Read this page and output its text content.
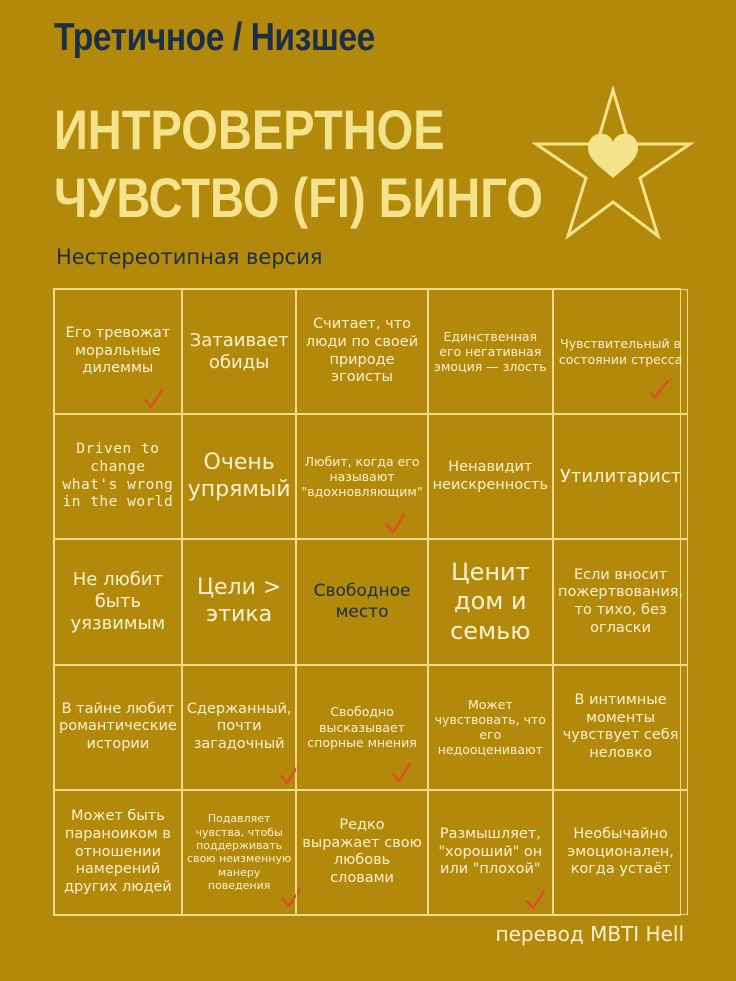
Третичное / Низшее
ИНТРОВЕРТНОЕ
ЧУВСТВО (FI) БИНГО
Нестереотипная версия
Его тревожат моральные дилеммы
Затаивает обиды
Считает, что люди по своей природе эгоисты
Единственная его негативная эмоция — злость
Чувствительный в состоянии стресса
Driven to change what's wrong in the world
Очень упрямый
Любит, когда его называют "вдохновляющим"
Ненавидит неискренность Утилитарист
Не любит быть уязвимым
Цели > этика
Свободное место
Ценит дом и семью
Если вносит пожертвования, то тихо, без огласки
В тайне любит романтические истории
Сдержанный, почти загадочный
Свободно высказывает спорные мнения
Может чувствовать, что его недооценивают
В интимные моменты чувствует себя неловко
Может быть параноиком в отношении намерений других людей
Подавляет чувства, чтобы поддерживать свою неизменную манеру поведения
Редко выражает свою любовь словами
Размышляет, "хороший" он или "плохой"
Необычайно эмоционален, когда устаёт
перевод MBTI Hell
